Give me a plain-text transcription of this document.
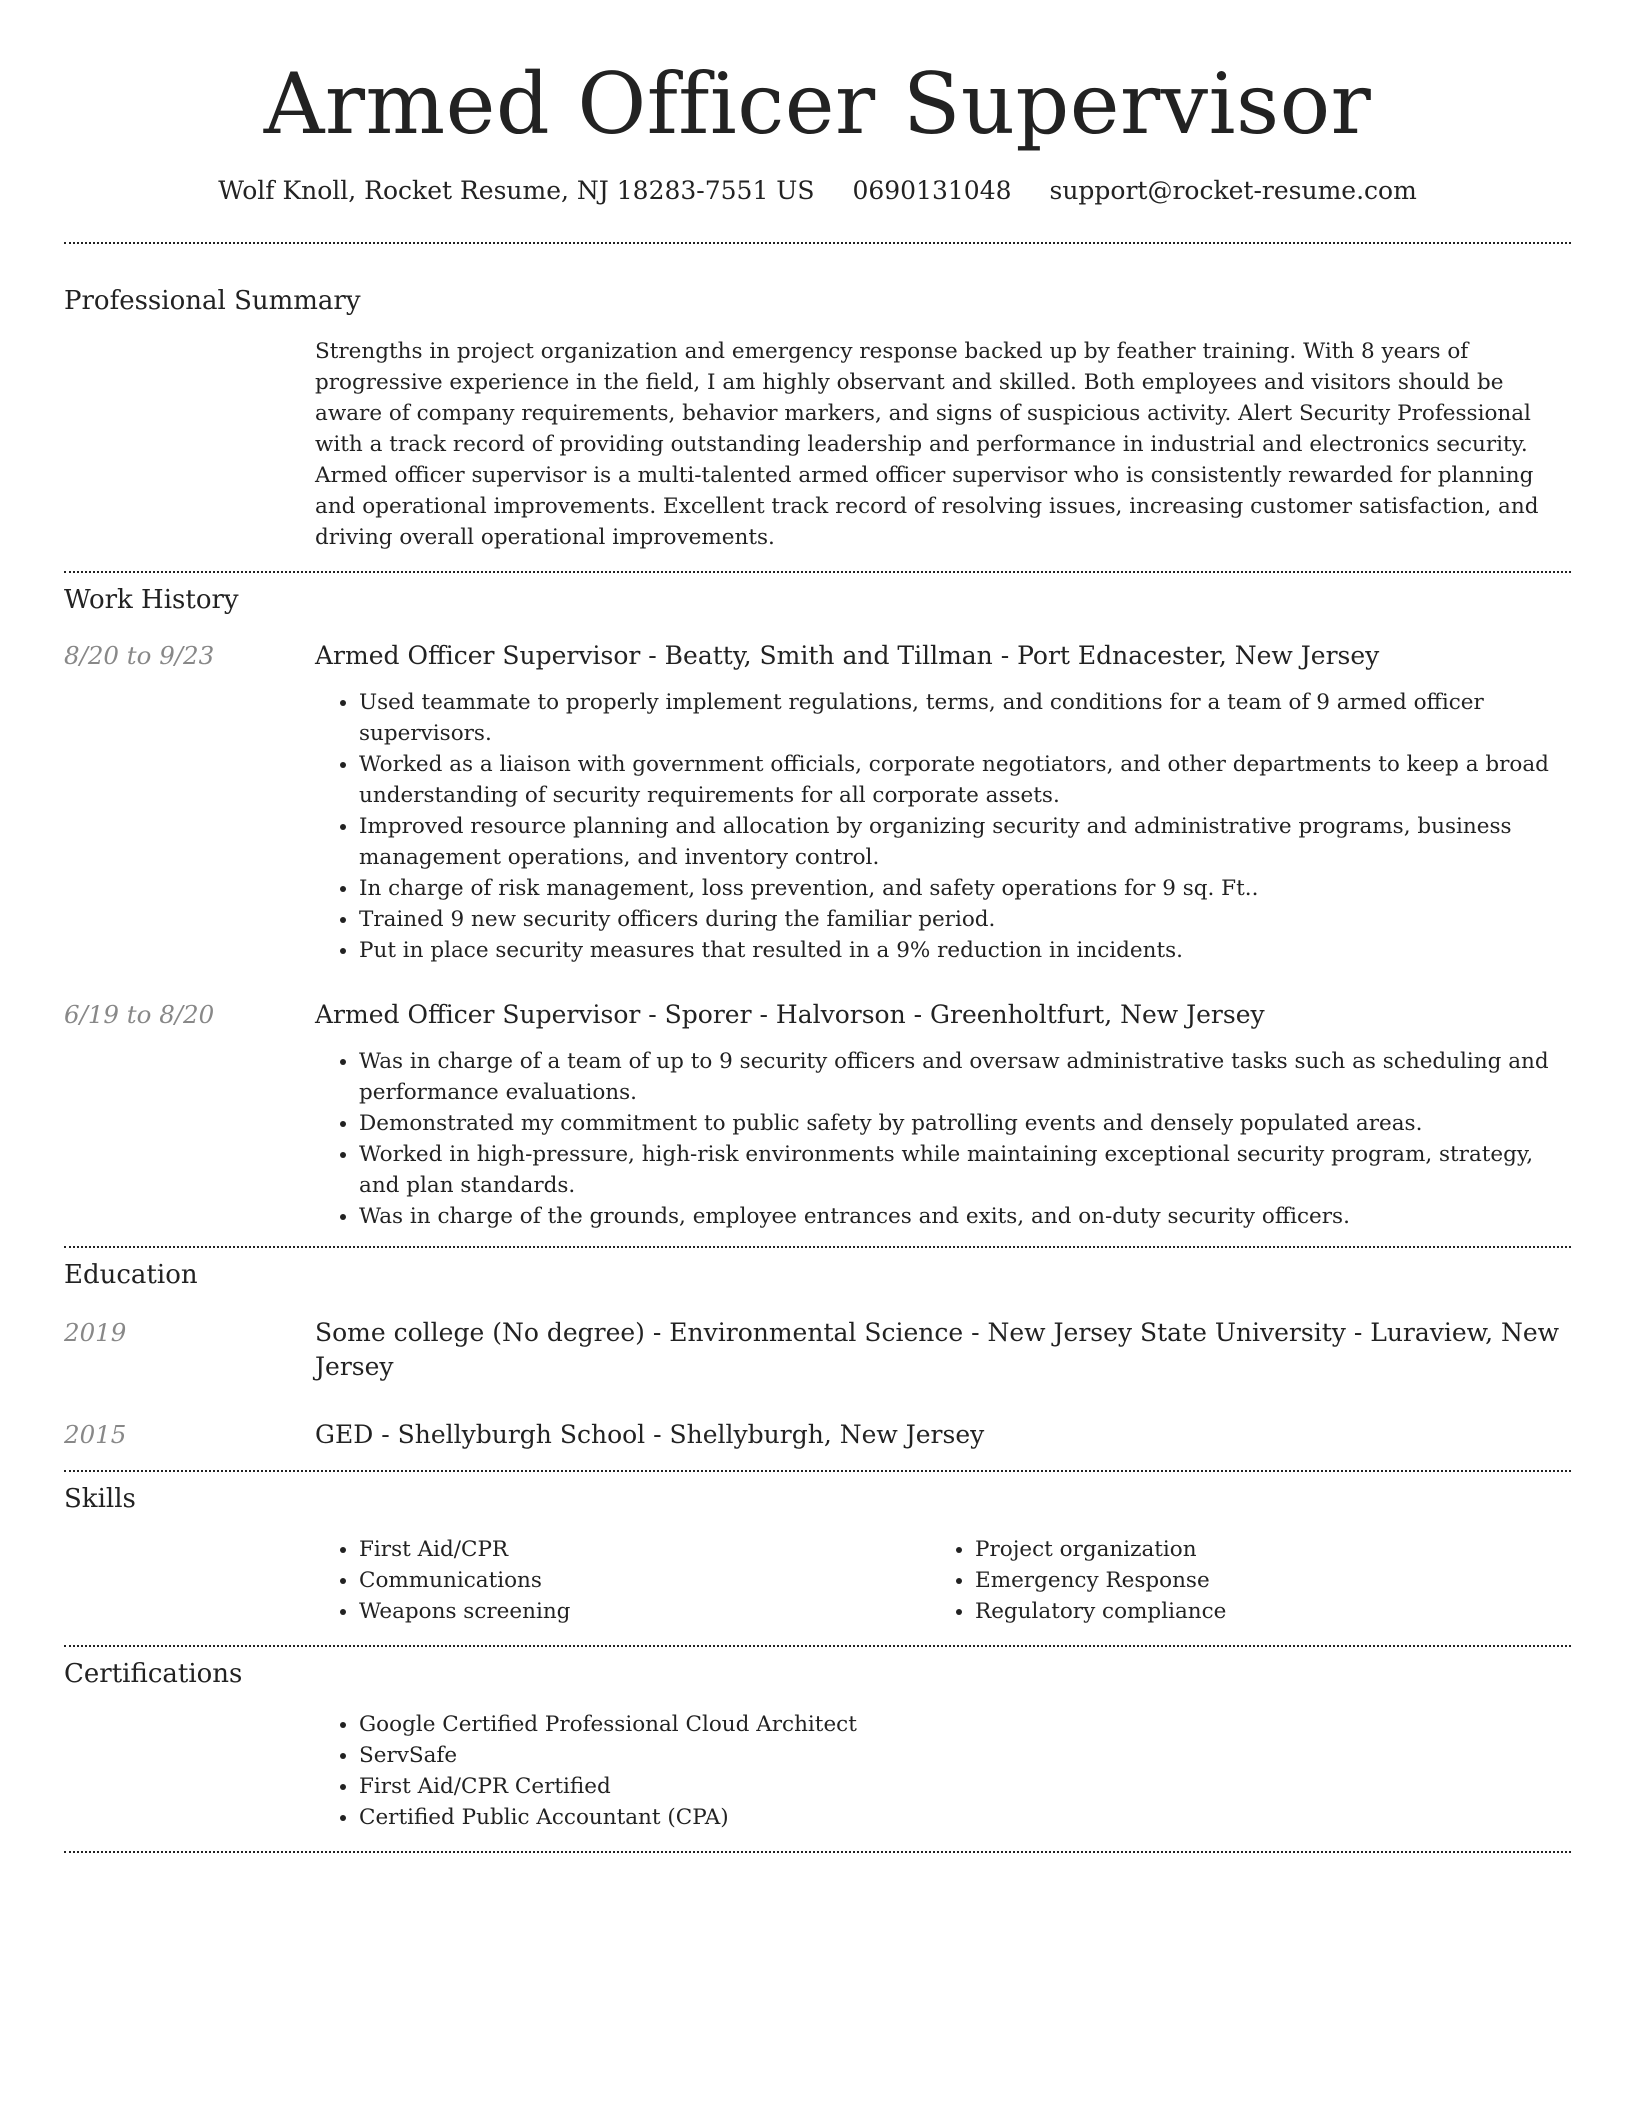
Armed Officer Supervisor
Wolf Knoll, Rocket Resume, NJ 18283-7551 US 0690131048 support@rocket-resume.com
Professional Summary

Strengths in project organization and emergency response backed up by feather training. With 8 years of progressive experience in the field, I am highly observant and skilled. Both employees and visitors should be aware of company requirements, behavior markers, and signs of suspicious activity. Alert Security Professional with a track record of providing outstanding leadership and performance in industrial and electronics security. Armed officer supervisor is a multi-talented armed officer supervisor who is consistently rewarded for planning and operational improvements. Excellent track record of resolving issues, increasing customer satisfaction, and driving overall operational improvements.

Work History
8/20 to 9/23	Armed Officer Supervisor - Beatty, Smith and Tillman - Port Ednacester, New Jersey
• Used teammate to properly implement regulations, terms, and conditions for a team of 9 armed officer supervisors.
• Worked as a liaison with government officials, corporate negotiators, and other departments to keep a broad understanding of security requirements for all corporate assets.
• Improved resource planning and allocation by organizing security and administrative programs, business management operations, and inventory control.
• In charge of risk management, loss prevention, and safety operations for 9 sq. Ft..
• Trained 9 new security officers during the familiar period.
• Put in place security measures that resulted in a 9% reduction in incidents.
6/19 to 8/20	Armed Officer Supervisor - Sporer - Halvorson - Greenholtfurt, New Jersey
• Was in charge of a team of up to 9 security officers and oversaw administrative tasks such as scheduling and performance evaluations.
• Demonstrated my commitment to public safety by patrolling events and densely populated areas.
• Worked in high-pressure, high-risk environments while maintaining exceptional security program, strategy, and plan standards.
• Was in charge of the grounds, employee entrances and exits, and on-duty security officers.
Education
2019	Some college (No degree) - Environmental Science - New Jersey State University - Luraview, New Jersey
2015	GED - Shellyburgh School - Shellyburgh, New Jersey
Skills
• First Aid/CPR
• Communications
• Weapons screening
• Project organization
• Emergency Response
• Regulatory compliance
Certifications
• Google Certified Professional Cloud Architect
• ServSafe
• First Aid/CPR Certified
• Certified Public Accountant (CPA)
